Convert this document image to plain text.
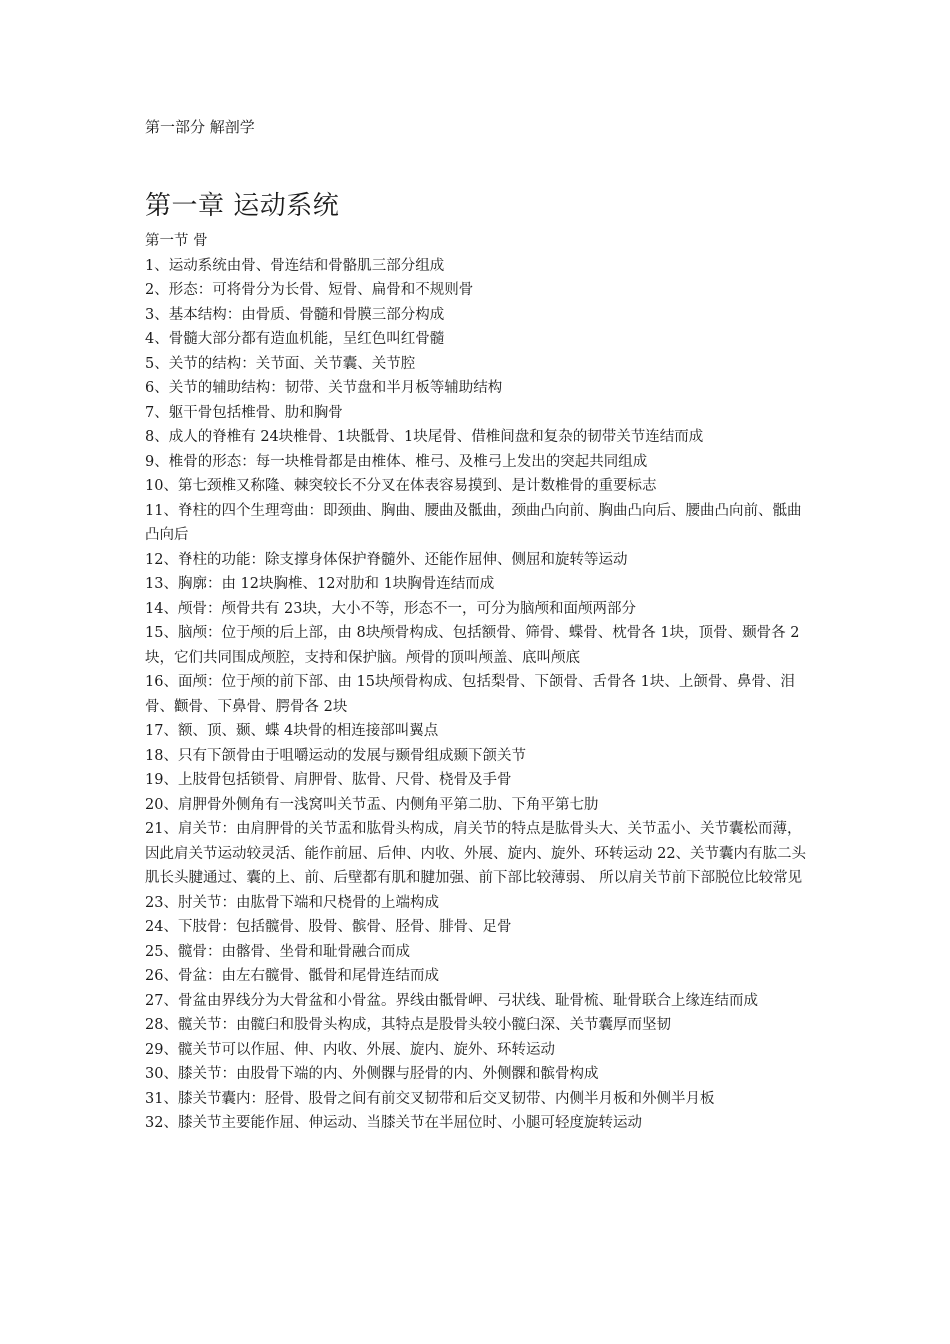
第一部分 解剖学
第一章 运动系统
第一节 骨
1、运动系统由骨、骨连结和骨骼肌三部分组成
2、形态：可将骨分为长骨、短骨、扁骨和不规则骨
3、基本结构：由骨质、骨髓和骨膜三部分构成
4、骨髓大部分都有造血机能，呈红色叫红骨髓
5、关节的结构：关节面、关节囊、关节腔
6、关节的辅助结构：韧带、关节盘和半月板等辅助结构
7、躯干骨包括椎骨、肋和胸骨
8、成人的脊椎有 24块椎骨、1块骶骨、1块尾骨、借椎间盘和复杂的韧带关节连结而成
9、椎骨的形态：每一块椎骨都是由椎体、椎弓、及椎弓上发出的突起共同组成
10、第七颈椎又称隆、棘突较长不分叉在体表容易摸到、是计数椎骨的重要标志
11、脊柱的四个生理弯曲：即颈曲、胸曲、腰曲及骶曲，颈曲凸向前、胸曲凸向后、腰曲凸向前、骶曲凸向后
12、脊柱的功能：除支撑身体保护脊髓外、还能作屈伸、侧屈和旋转等运动
13、胸廓：由 12块胸椎、12对肋和 1块胸骨连结而成
14、颅骨：颅骨共有 23块，大小不等，形态不一，可分为脑颅和面颅两部分
15、脑颅：位于颅的后上部，由 8块颅骨构成、包括额骨、筛骨、蝶骨、枕骨各 1块，顶骨、颞骨各 2块，它们共同围成颅腔，支持和保护脑。颅骨的顶叫颅盖、底叫颅底
16、面颅：位于颅的前下部、由 15块颅骨构成、包括梨骨、下颌骨、舌骨各 1块、上颌骨、鼻骨、泪骨、颧骨、下鼻骨、腭骨各 2块
17、额、顶、颞、蝶 4块骨的相连接部叫翼点
18、只有下颌骨由于咀嚼运动的发展与颞骨组成颞下颌关节
19、上肢骨包括锁骨、肩胛骨、肱骨、尺骨、桡骨及手骨
20、肩胛骨外侧角有一浅窝叫关节盂、内侧角平第二肋、下角平第七肋
21、肩关节：由肩胛骨的关节盂和肱骨头构成，肩关节的特点是肱骨头大、关节盂小、关节囊松而薄，因此肩关节运动较灵活、能作前屈、后伸、内收、外展、旋内、旋外、环转运动 22、关节囊内有肱二头肌长头腱通过、囊的上、前、后壁都有肌和腱加强、前下部比较薄弱、 所以肩关节前下部脱位比较常见
23、肘关节：由肱骨下端和尺桡骨的上端构成
24、下肢骨：包括髋骨、股骨、髌骨、胫骨、腓骨、足骨
25、髋骨：由髂骨、坐骨和耻骨融合而成
26、骨盆：由左右髋骨、骶骨和尾骨连结而成
27、骨盆由界线分为大骨盆和小骨盆。界线由骶骨岬、弓状线、耻骨梳、耻骨联合上缘连结而成
28、髋关节：由髋臼和股骨头构成，其特点是股骨头较小髋臼深、关节囊厚而坚韧
29、髋关节可以作屈、伸、内收、外展、旋内、旋外、环转运动
30、膝关节：由股骨下端的内、外侧髁与胫骨的内、外侧髁和髌骨构成
31、膝关节囊内：胫骨、股骨之间有前交叉韧带和后交叉韧带、内侧半月板和外侧半月板
32、膝关节主要能作屈、伸运动、当膝关节在半屈位时、小腿可轻度旋转运动
